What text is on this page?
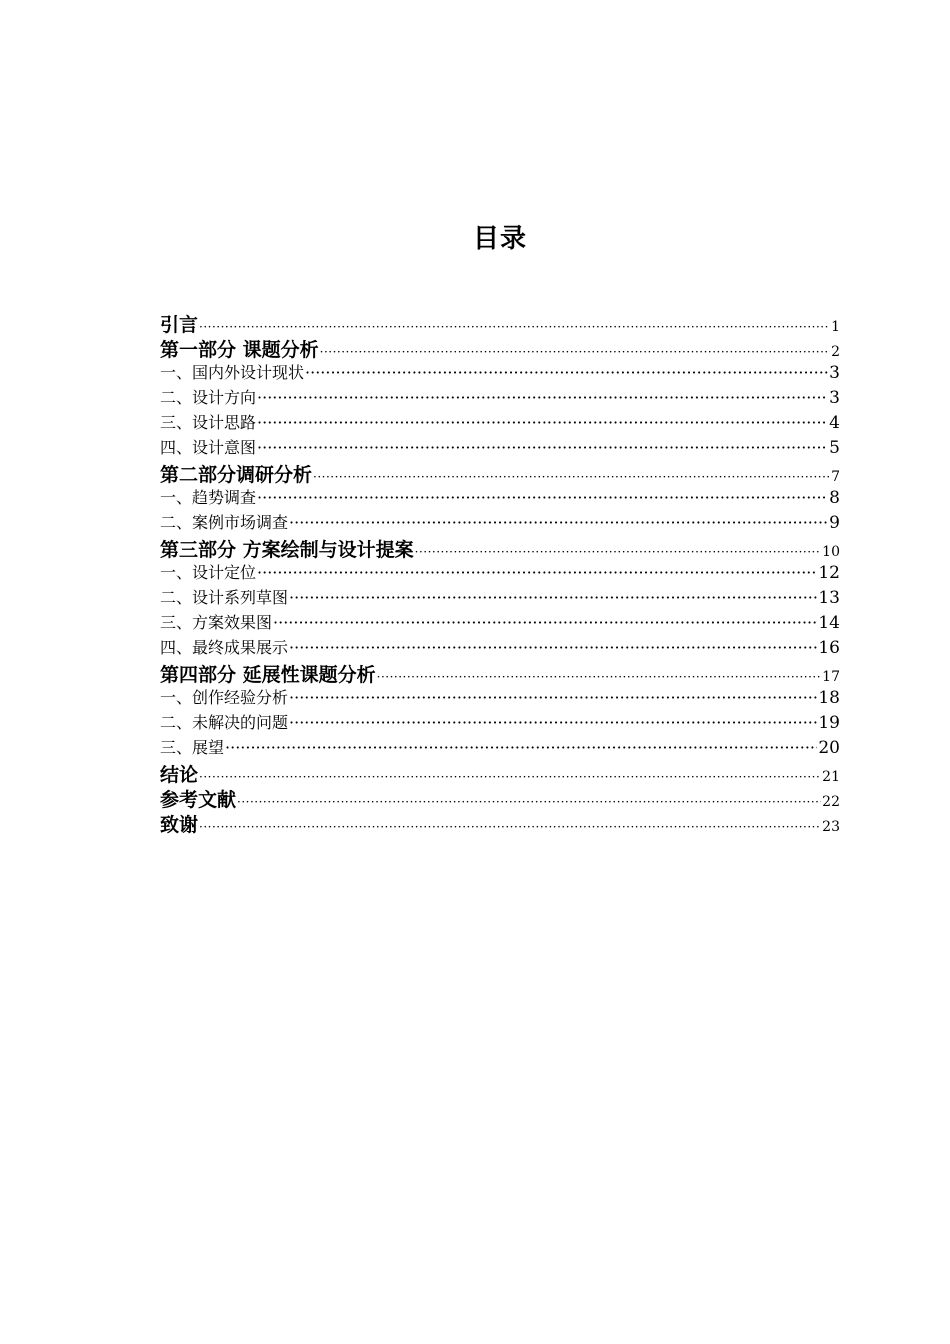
目录
引言 ·····	1
第一部分 课题分析 ·····	2
一、国内外设计现状 ·····	3
二、设计方向 ·····	3
三、设计思路 ·····	4
四、设计意图 ·····	5
第二部分调研分析 ·····	7
一、趋势调查 ·····	8
二、案例市场调查 ·····	9
第三部分 方案绘制与设计提案 ·····	10
一、设计定位 ·····	12
二、设计系列草图 ·····	13
三、方案效果图 ·····	14
四、最终成果展示 ·····	16
第四部分 延展性课题分析 ·····	17
一、创作经验分析 ·····	18
二、未解决的问题 ·····	19
三、展望 ·····	20
结论 ·····	21
参考文献 ·····	22
致谢 ·····	23
